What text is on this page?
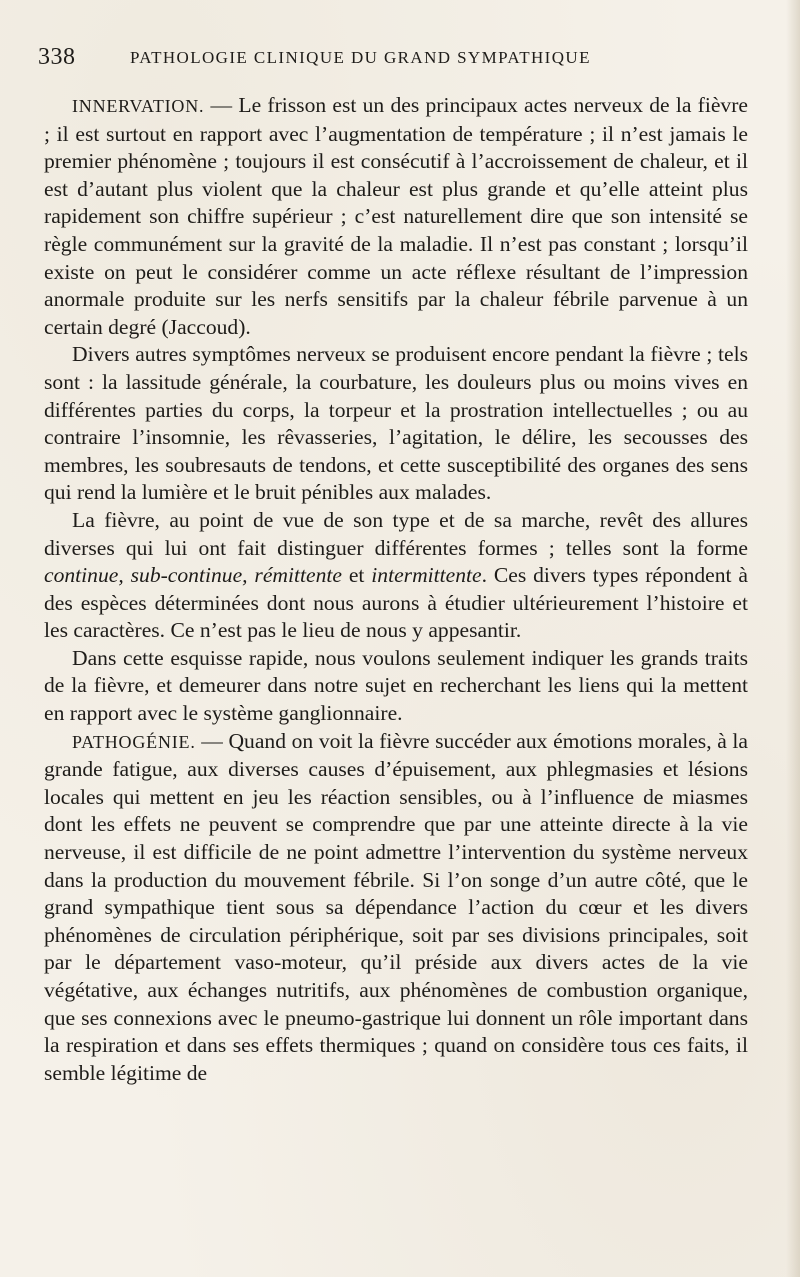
338	PATHOLOGIE CLINIQUE DU GRAND SYMPATHIQUE

INNERVATION. — Le frisson est un des principaux actes nerveux de la fièvre ; il est surtout en rapport avec l’augmentation de température ; il n’est jamais le premier phénomène ; toujours il est consécutif à l’accroissement de chaleur, et il est d’autant plus violent que la chaleur est plus grande et qu’elle atteint plus rapidement son chiffre supérieur ; c’est naturellement dire que son intensité se règle communément sur la gravité de la maladie. Il n’est pas constant ; lorsqu’il existe on peut le considérer comme un acte réflexe résultant de l’impression anormale produite sur les nerfs sensitifs par la chaleur fébrile parvenue à un certain degré (Jaccoud).

Divers autres symptômes nerveux se produisent encore pendant la fièvre ; tels sont : la lassitude générale, la courbature, les douleurs plus ou moins vives en différentes parties du corps, la torpeur et la prostration intellectuelles ; ou au contraire l’insomnie, les rêvasseries, l’agitation, le délire, les secousses des membres, les soubresauts de tendons, et cette susceptibilité des organes des sens qui rend la lumière et le bruit pénibles aux malades.

La fièvre, au point de vue de son type et de sa marche, revêt des allures diverses qui lui ont fait distinguer différentes formes ; telles sont la forme continue, sub-continue, rémittente et intermittente. Ces divers types répondent à des espèces déterminées dont nous aurons à étudier ultérieurement l’histoire et les caractères. Ce n’est pas le lieu de nous y appesantir.

Dans cette esquisse rapide, nous voulons seulement indiquer les grands traits de la fièvre, et demeurer dans notre sujet en recherchant les liens qui la mettent en rapport avec le système ganglionnaire.

PATHOGÉNIE. — Quand on voit la fièvre succéder aux émotions morales, à la grande fatigue, aux diverses causes d’épuisement, aux phlegmasies et lésions locales qui mettent en jeu les réaction sensibles, ou à l’influence de miasmes dont les effets ne peuvent se comprendre que par une atteinte directe à la vie nerveuse, il est difficile de ne point admettre l’intervention du système nerveux dans la production du mouvement fébrile. Si l’on songe d’un autre côté, que le grand sympathique tient sous sa dépendance l’action du cœur et les divers phénomènes de circulation périphérique, soit par ses divisions principales, soit par le département vaso-moteur, qu’il préside aux divers actes de la vie végétative, aux échanges nutritifs, aux phénomènes de combustion organique, que ses connexions avec le pneumo-gastrique lui donnent un rôle important dans la respiration et dans ses effets thermiques ; quand on considère tous ces faits, il semble légitime de
